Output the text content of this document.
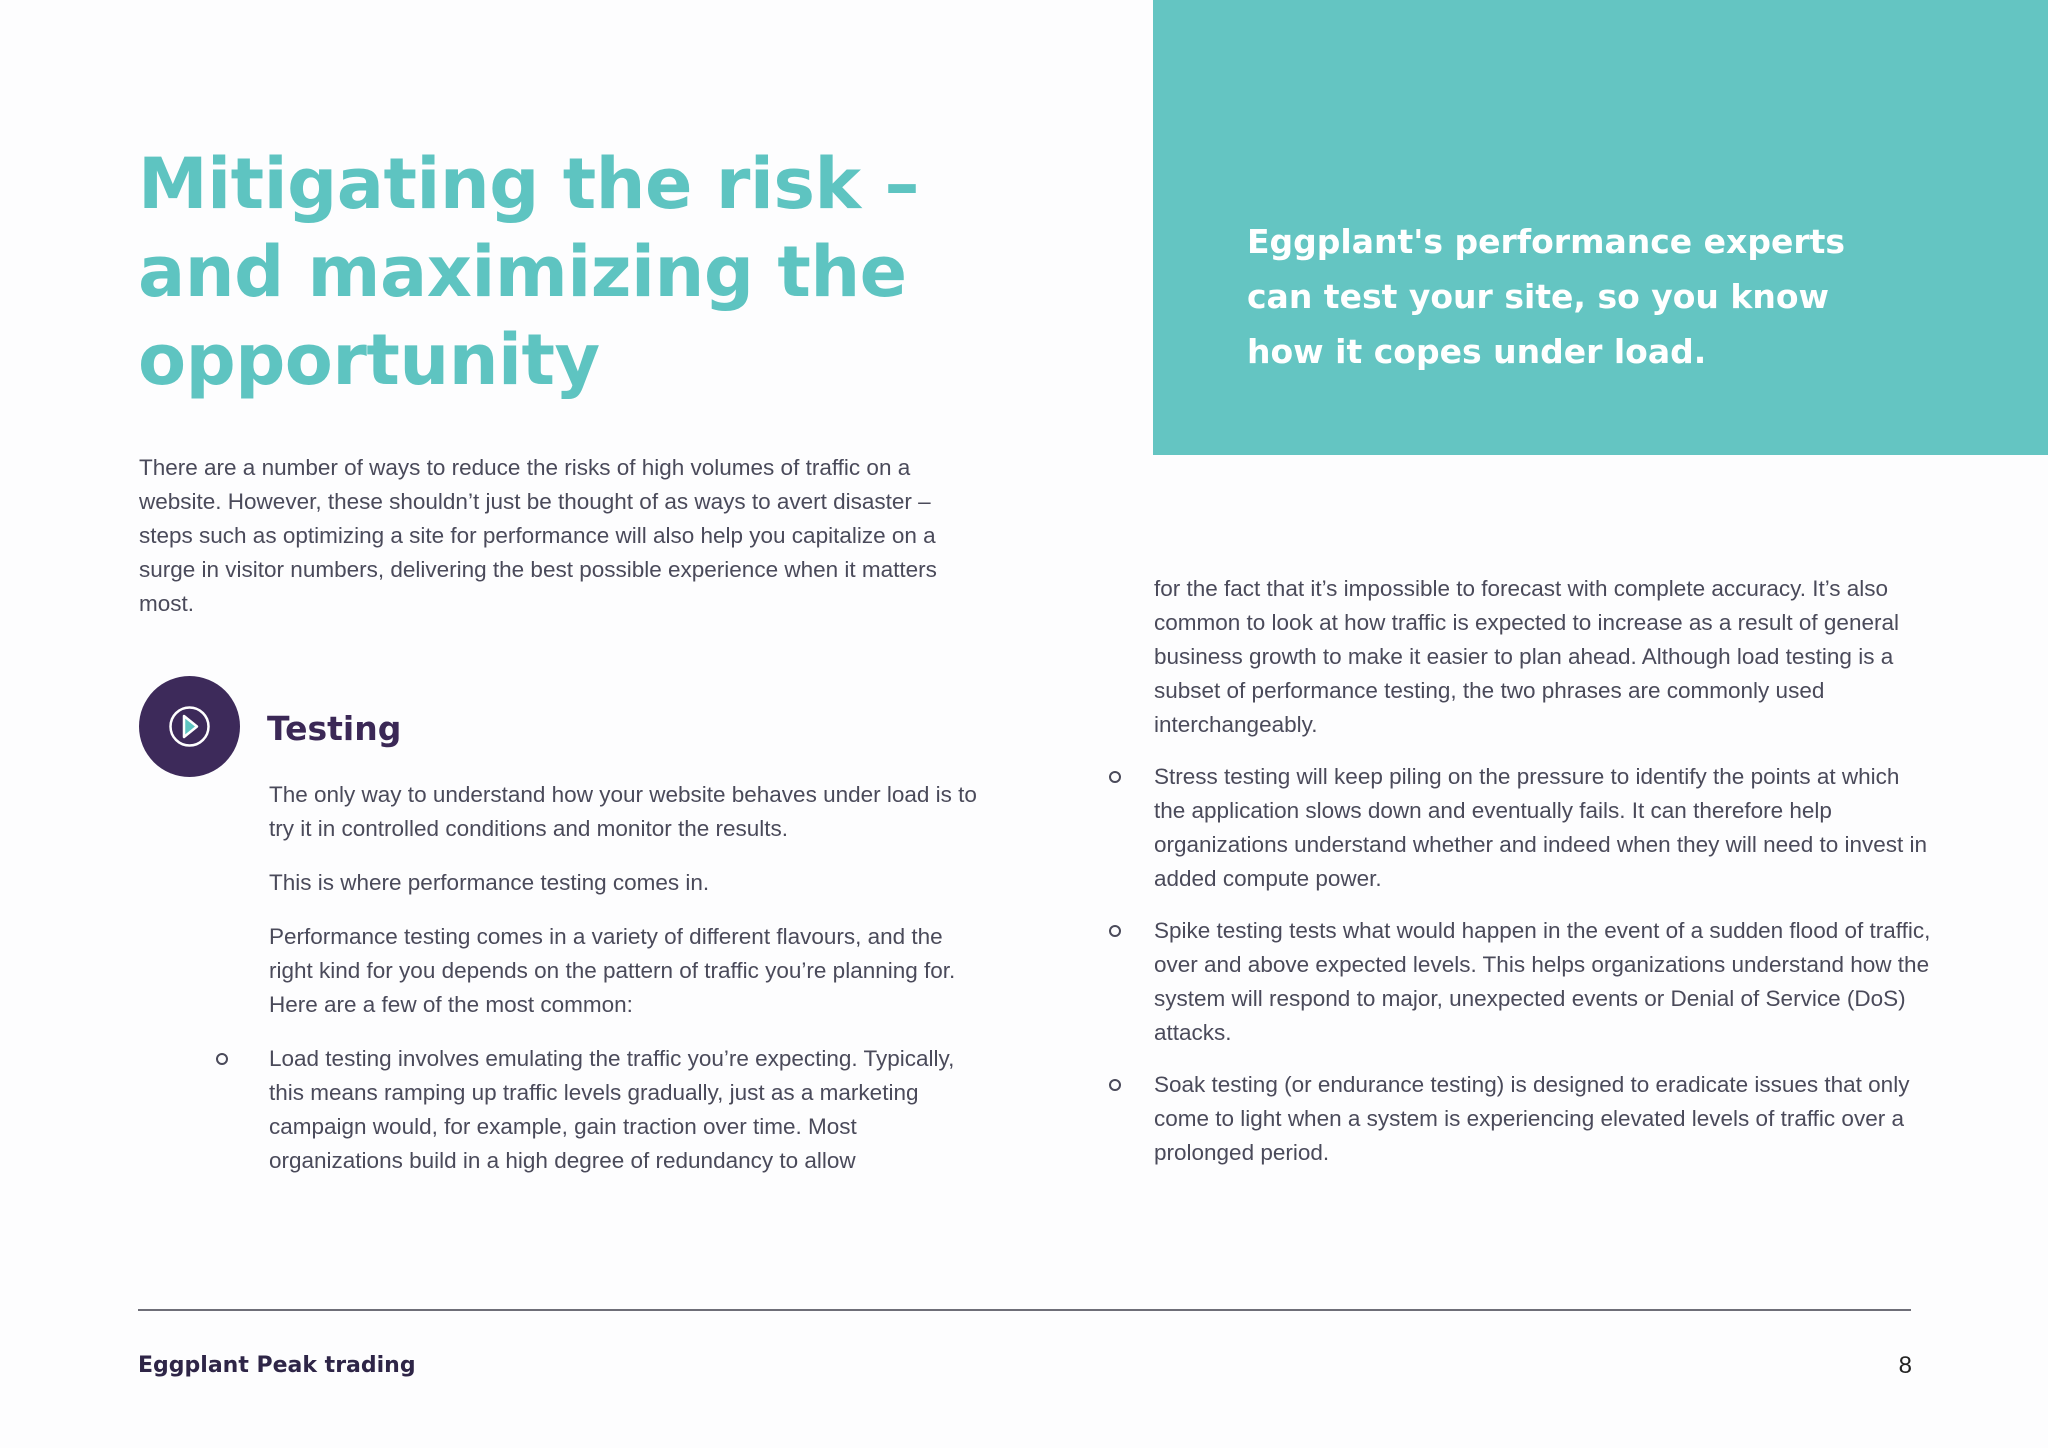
Mitigating the risk –
and maximizing the
opportunity

Eggplant's performance experts
can test your site, so you know
how it copes under load.

There are a number of ways to reduce the risks of high volumes of traffic on a website. However, these shouldn’t just be thought of as ways to avert disaster – steps such as optimizing a site for performance will also help you capitalize on a surge in visitor numbers, delivering the best possible experience when it matters most.

Testing

The only way to understand how your website behaves under load is to try it in controlled conditions and monitor the results.

This is where performance testing comes in.

Performance testing comes in a variety of different flavours, and the right kind for you depends on the pattern of traffic you’re planning for. Here are a few of the most common:

Load testing involves emulating the traffic you’re expecting. Typically, this means ramping up traffic levels gradually, just as a marketing campaign would, for example, gain traction over time. Most organizations build in a high degree of redundancy to allow

for the fact that it’s impossible to forecast with complete accuracy. It’s also common to look at how traffic is expected to increase as a result of general business growth to make it easier to plan ahead. Although load testing is a subset of performance testing, the two phrases are commonly used interchangeably.

Stress testing will keep piling on the pressure to identify the points at which the application slows down and eventually fails. It can therefore help organizations understand whether and indeed when they will need to invest in added compute power.

Spike testing tests what would happen in the event of a sudden flood of traffic, over and above expected levels. This helps organizations understand how the system will respond to major, unexpected events or Denial of Service (DoS) attacks.

Soak testing (or endurance testing) is designed to eradicate issues that only come to light when a system is experiencing elevated levels of traffic over a prolonged period.

Eggplant Peak trading	8
